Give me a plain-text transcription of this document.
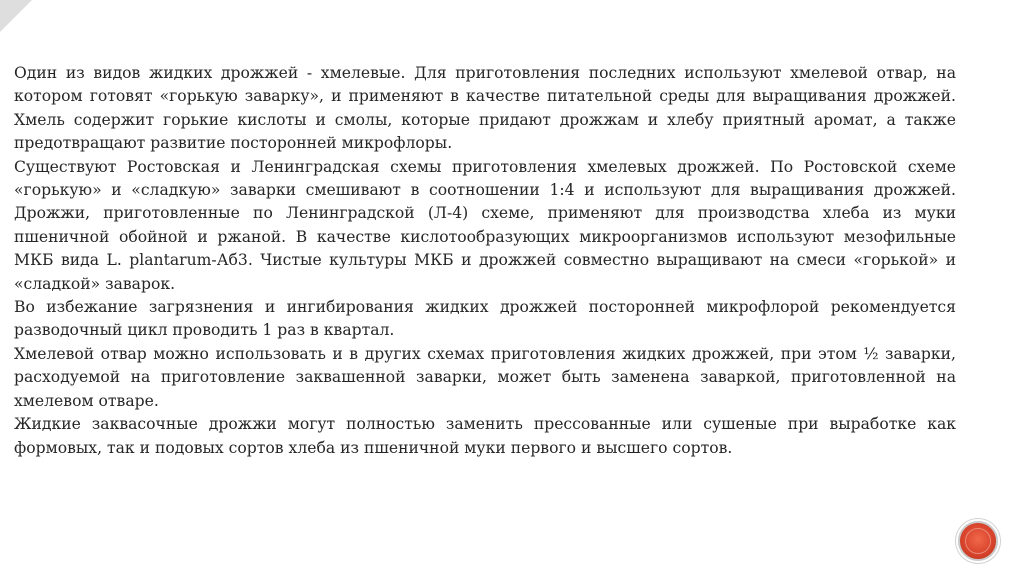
Один из видов жидких дрожжей - хмелевые. Для приготовления последних используют хмелевой отвар, на котором готовят «горькую заварку», и применяют в качестве питательной среды для выращивания дрожжей. Хмель содержит горькие кислоты и смолы, которые придают дрожжам и хлебу приятный аромат, а также предотвращают развитие посторонней микрофлоры.

Существуют Ростовская и Ленинградская схемы приготовления хмелевых дрожжей. По Ростовской схеме «горькую» и «сладкую» заварки смешивают в соотношении 1:4 и используют для выращивания дрожжей. Дрожжи, приготовленные по Ленинградской (Л-4) схеме, применяют для производства хлеба из муки пшеничной обойной и ржаной. В качестве кислотообразующих микроорганизмов используют мезофильные МКБ вида L. plantarum-Аб3. Чистые культуры МКБ и дрожжей совместно выращивают на смеси «горькой» и «сладкой» заварок.

Во избежание загрязнения и ингибирования жидких дрожжей посторонней микрофлорой рекомендуется разводочный цикл проводить 1 раз в квартал.

Хмелевой отвар можно использовать и в других схемах приготовления жидких дрожжей, при этом ½ заварки, расходуемой на приготовление заквашенной заварки, может быть заменена заваркой, приготовленной на хмелевом отваре.

Жидкие заквасочные дрожжи могут полностью заменить прессованные или сушеные при выработке как формовых, так и подовых сортов хлеба из пшеничной муки первого и высшего сортов.
